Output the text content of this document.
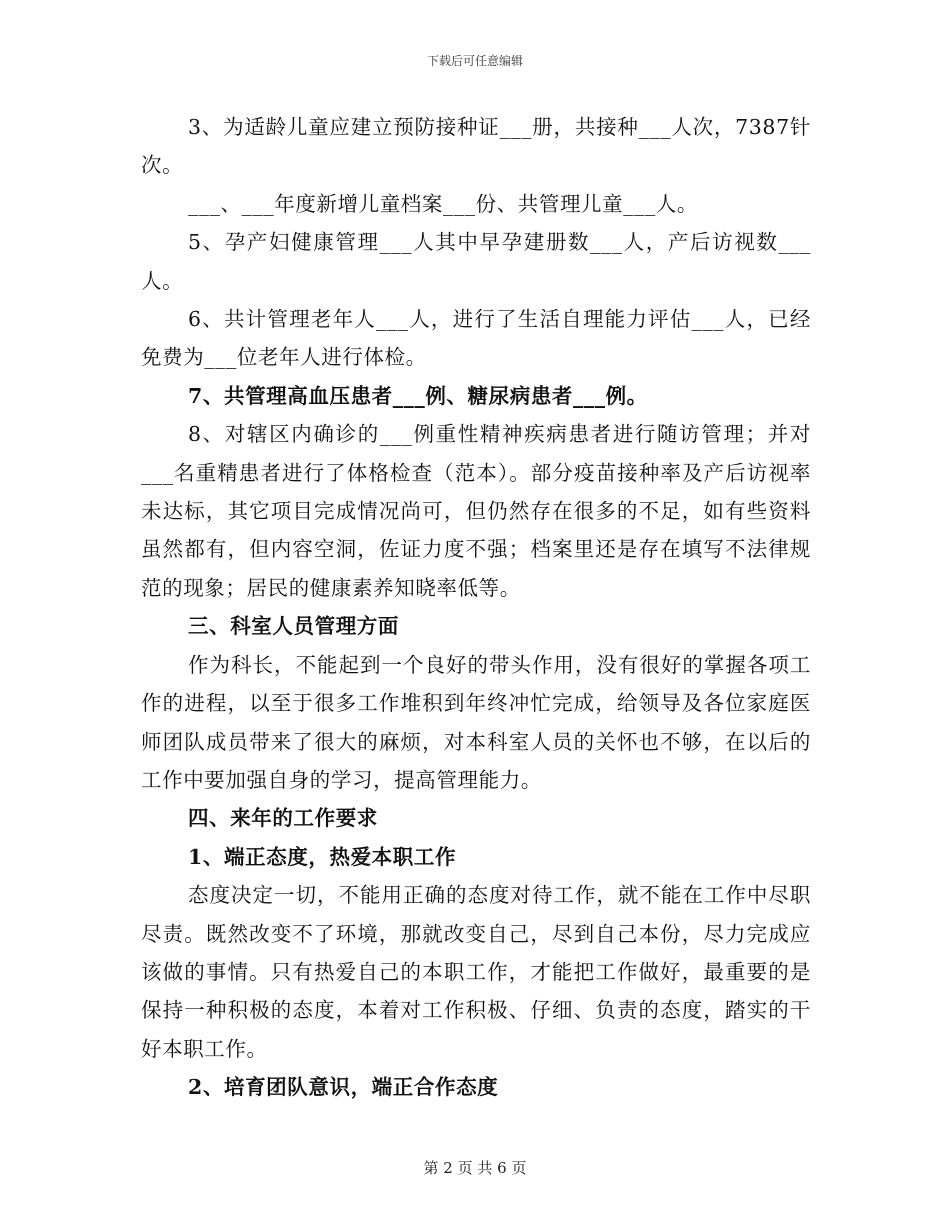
下载后可任意编辑

3、为适龄儿童应建立预防接种证___册，共接种___人次，7387针次。

___、___年度新增儿童档案___份、共管理儿童___人。

5、孕产妇健康管理___人其中早孕建册数___人，产后访视数___人。

6、共计管理老年人___人，进行了生活自理能力评估___人，已经免费为___位老年人进行体检。

7、共管理高血压患者___例、糖尿病患者___例。

8、对辖区内确诊的___例重性精神疾病患者进行随访管理；并对___名重精患者进行了体格检查（范本）。部分疫苗接种率及产后访视率未达标，其它项目完成情况尚可，但仍然存在很多的不足，如有些资料虽然都有，但内容空洞，佐证力度不强；档案里还是存在填写不法律规范的现象；居民的健康素养知晓率低等。

三、科室人员管理方面

作为科长，不能起到一个良好的带头作用，没有很好的掌握各项工作的进程，以至于很多工作堆积到年终冲忙完成，给领导及各位家庭医师团队成员带来了很大的麻烦，对本科室人员的关怀也不够，在以后的工作中要加强自身的学习，提高管理能力。

四、来年的工作要求

1、端正态度，热爱本职工作

态度决定一切，不能用正确的态度对待工作，就不能在工作中尽职尽责。既然改变不了环境，那就改变自己，尽到自己本份，尽力完成应该做的事情。只有热爱自己的本职工作，才能把工作做好，最重要的是保持一种积极的态度，本着对工作积极、仔细、负责的态度，踏实的干好本职工作。

2、培育团队意识，端正合作态度

第 2 页 共 6 页
